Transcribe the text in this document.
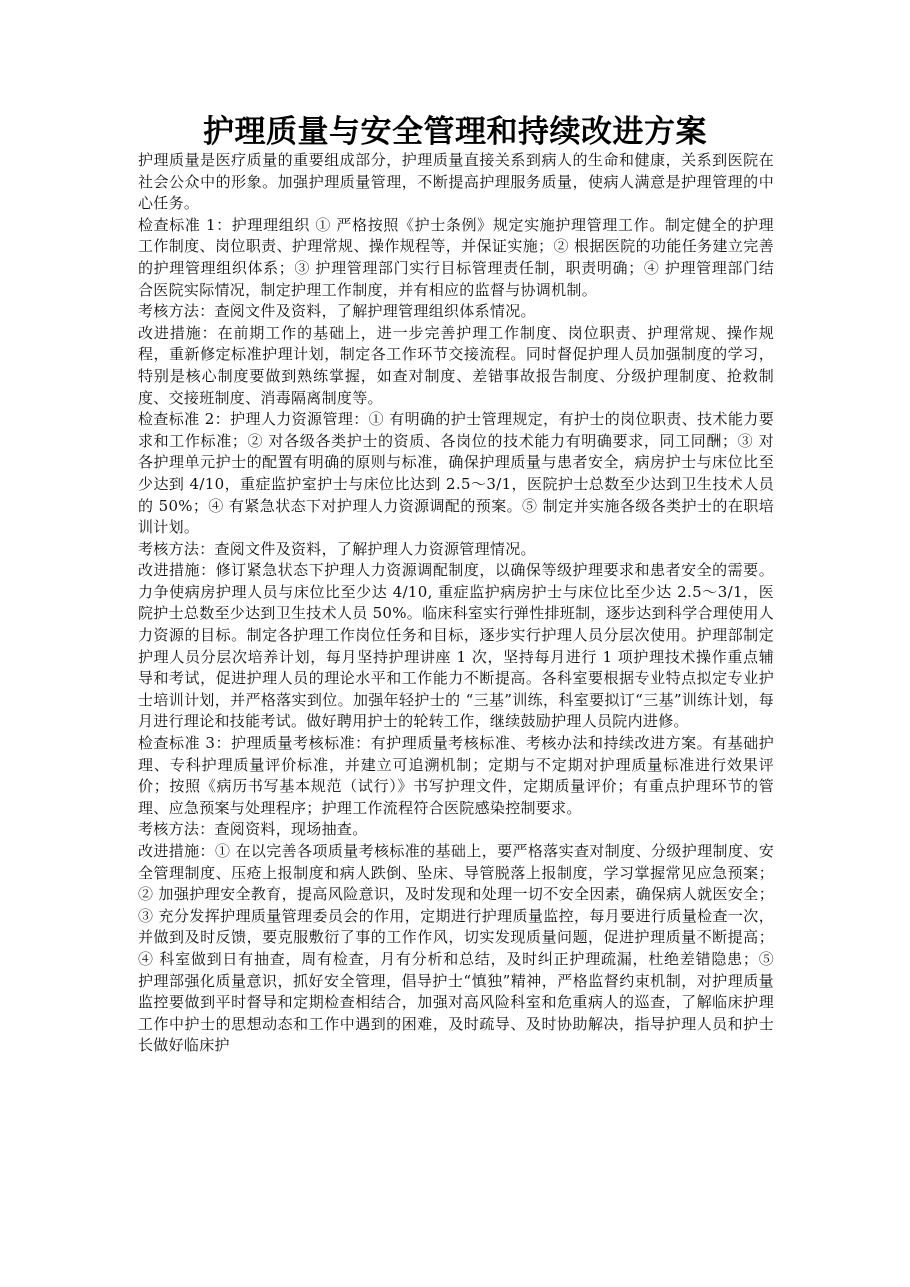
护理质量与安全管理和持续改进方案

护理质量是医疗质量的重要组成部分，护理质量直接关系到病人的生命和健康，关系到医院在社会公众中的形象。加强护理质量管理，不断提高护理服务质量，使病人满意是护理管理的中心任务。

检查标准 1：护理理组织 ① 严格按照《护士条例》规定实施护理管理工作。制定健全的护理工作制度、岗位职责、护理常规、操作规程等，并保证实施；② 根据医院的功能任务建立完善的护理管理组织体系；③ 护理管理部门实行目标管理责任制，职责明确；④ 护理管理部门结合医院实际情况，制定护理工作制度，并有相应的监督与协调机制。

考核方法：查阅文件及资料，了解护理管理组织体系情况。

改进措施：在前期工作的基础上，进一步完善护理工作制度、岗位职责、护理常规、操作规程，重新修定标准护理计划，制定各工作环节交接流程。同时督促护理人员加强制度的学习，特别是核心制度要做到熟练掌握，如查对制度、差错事故报告制度、分级护理制度、抢救制度、交接班制度、消毒隔离制度等。

检查标准 2：护理人力资源管理：① 有明确的护士管理规定，有护士的岗位职责、技术能力要求和工作标准；② 对各级各类护士的资质、各岗位的技术能力有明确要求，同工同酬；③ 对各护理单元护士的配置有明确的原则与标准，确保护理质量与患者安全，病房护士与床位比至少达到 4/10，重症监护室护士与床位比达到 2.5～3/1，医院护士总数至少达到卫生技术人员的 50%；④ 有紧急状态下对护理人力资源调配的预案。⑤ 制定并实施各级各类护士的在职培训计划。

考核方法：查阅文件及资料，了解护理人力资源管理情况。

改进措施：修订紧急状态下护理人力资源调配制度，以确保等级护理要求和患者安全的需要。力争使病房护理人员与床位比至少达 4/10, 重症监护病房护士与床位比至少达 2.5～3/1，医院护士总数至少达到卫生技术人员 50%。临床科室实行弹性排班制，逐步达到科学合理使用人力资源的目标。制定各护理工作岗位任务和目标，逐步实行护理人员分层次使用。护理部制定护理人员分层次培养计划，每月坚持护理讲座 1 次，坚持每月进行 1 项护理技术操作重点辅导和考试，促进护理人员的理论水平和工作能力不断提高。各科室要根据专业特点拟定专业护士培训计划，并严格落实到位。加强年轻护士的 “三基”训练，科室要拟订“三基”训练计划，每月进行理论和技能考试。做好聘用护士的轮转工作，继续鼓励护理人员院内进修。

检查标准 3：护理质量考核标准：有护理质量考核标准、考核办法和持续改进方案。有基础护理、专科护理质量评价标准，并建立可追溯机制；定期与不定期对护理质量标准进行效果评价；按照《病历书写基本规范（试行）》书写护理文件，定期质量评价；有重点护理环节的管理、应急预案与处理程序；护理工作流程符合医院感染控制要求。

考核方法：查阅资料，现场抽查。

改进措施：① 在以完善各项质量考核标准的基础上，要严格落实查对制度、分级护理制度、安全管理制度、压疮上报制度和病人跌倒、坠床、导管脱落上报制度，学习掌握常见应急预案；② 加强护理安全教育，提高风险意识，及时发现和处理一切不安全因素，确保病人就医安全；③ 充分发挥护理质量管理委员会的作用，定期进行护理质量监控，每月要进行质量检查一次，并做到及时反馈，要克服敷衍了事的工作作风，切实发现质量问题，促进护理质量不断提高；④ 科室做到日有抽查，周有检查，月有分析和总结，及时纠正护理疏漏，杜绝差错隐患；⑤ 护理部强化质量意识，抓好安全管理，倡导护士“慎独”精神，严格监督约束机制，对护理质量监控要做到平时督导和定期检查相结合，加强对高风险科室和危重病人的巡查，了解临床护理工作中护士的思想动态和工作中遇到的困难，及时疏导、及时协助解决，指导护理人员和护士长做好临床护
